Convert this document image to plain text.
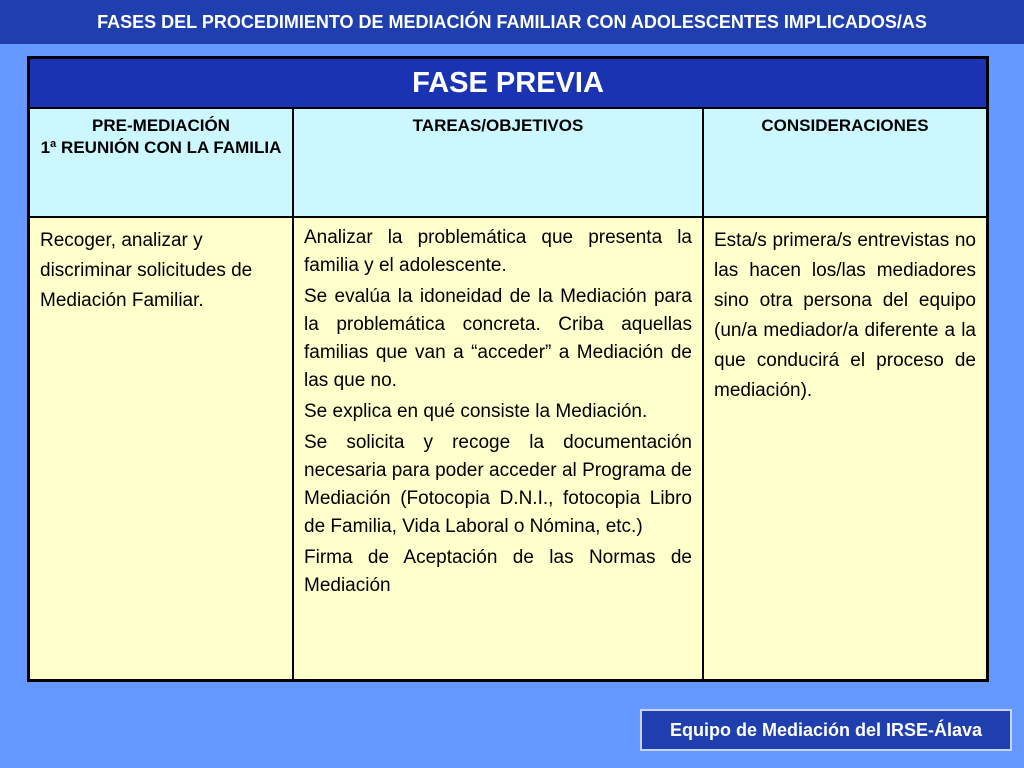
FASES DEL PROCEDIMIENTO DE MEDIACIÓN FAMILIAR CON ADOLESCENTES IMPLICADOS/AS
FASE PREVIA
PRE-MEDIACIÓN
1ª REUNIÓN CON LA FAMILIA
TAREAS/OBJETIVOS	CONSIDERACIONES
Recoger, analizar y discriminar solicitudes de Mediación Familiar.

Analizar la problemática que presenta la familia y el adolescente.

Se evalúa la idoneidad de la Mediación para la problemática concreta. Criba aquellas familias que van a “acceder” a Mediación de las que no.

Se explica en qué consiste la Mediación.

Se solicita y recoge la documentación necesaria para poder acceder al Programa de Mediación (Fotocopia D.N.I., fotocopia Libro de Familia, Vida Laboral o Nómina, etc.)

Firma de Aceptación de las Normas de Mediación

Esta/s primera/s entrevistas no las hacen los/las mediadores sino otra persona del equipo (un/a mediador/a diferente a la que conducirá el proceso de mediación).
Equipo de Mediación del IRSE-Álava
